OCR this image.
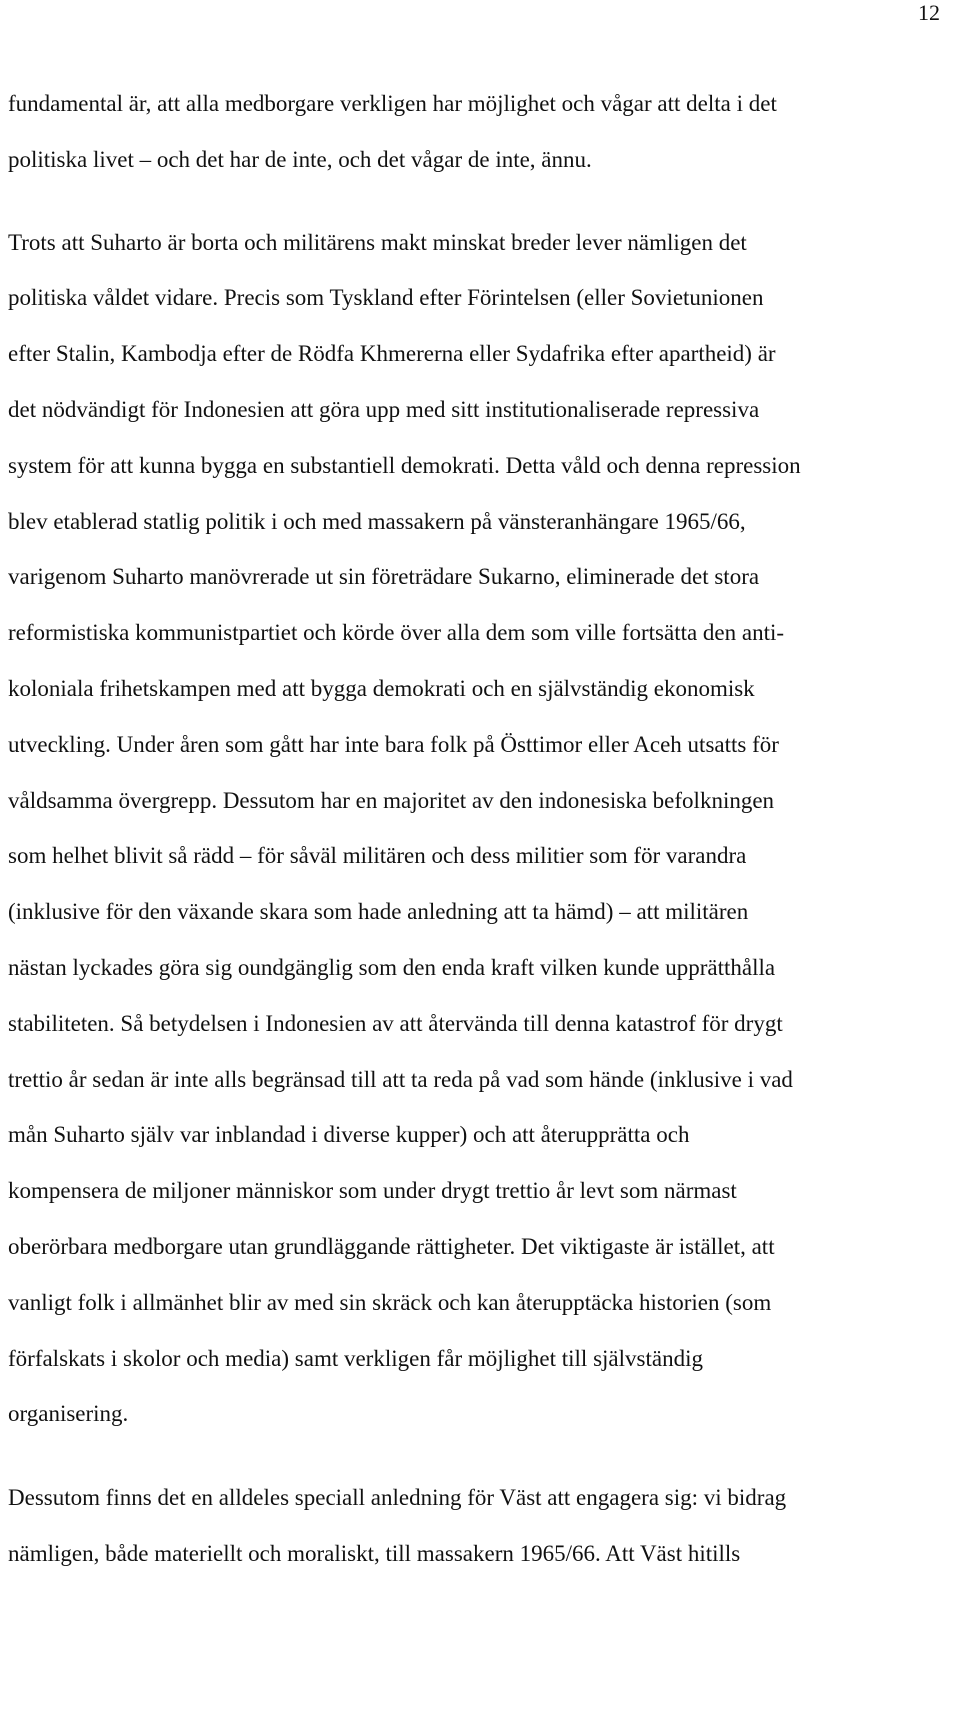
12
fundamental är, att alla medborgare verkligen har möjlighet och vågar att delta i det
politiska livet – och det har de inte, och det vågar de inte, ännu.
Trots att Suharto är borta och militärens makt minskat breder lever nämligen det
politiska våldet vidare. Precis som Tyskland efter Förintelsen (eller Sovietunionen
efter Stalin, Kambodja efter de Rödfa Khmererna eller Sydafrika efter apartheid) är
det nödvändigt för Indonesien att göra upp med sitt institutionaliserade repressiva
system för att kunna bygga en substantiell demokrati. Detta våld och denna repression
blev etablerad statlig politik i och med massakern på vänsteranhängare 1965/66,
varigenom Suharto manövrerade ut sin företrädare Sukarno, eliminerade det stora
reformistiska kommunistpartiet och körde över alla dem som ville fortsätta den anti-
koloniala frihetskampen med att bygga demokrati och en självständig ekonomisk
utveckling. Under åren som gått har inte bara folk på Östtimor eller Aceh utsatts för
våldsamma övergrepp. Dessutom har en majoritet av den indonesiska befolkningen
som helhet blivit så rädd – för såväl militären och dess militier som för varandra
(inklusive för den växande skara som hade anledning att ta hämd) – att militären
nästan lyckades göra sig oundgänglig som den enda kraft vilken kunde upprätthålla
stabiliteten. Så betydelsen i Indonesien av att återvända till denna katastrof för drygt
trettio år sedan är inte alls begränsad till att ta reda på vad som hände (inklusive i vad
mån Suharto själv var inblandad i diverse kupper) och att återupprätta och
kompensera de miljoner människor som under drygt trettio år levt som närmast
oberörbara medborgare utan grundläggande rättigheter. Det viktigaste är istället, att
vanligt folk i allmänhet blir av med sin skräck och kan återupptäcka historien (som
förfalskats i skolor och media) samt verkligen får möjlighet till självständig
organisering.
Dessutom finns det en alldeles speciall anledning för Väst att engagera sig: vi bidrag
nämligen, både materiellt och moraliskt, till massakern 1965/66. Att Väst hitills
